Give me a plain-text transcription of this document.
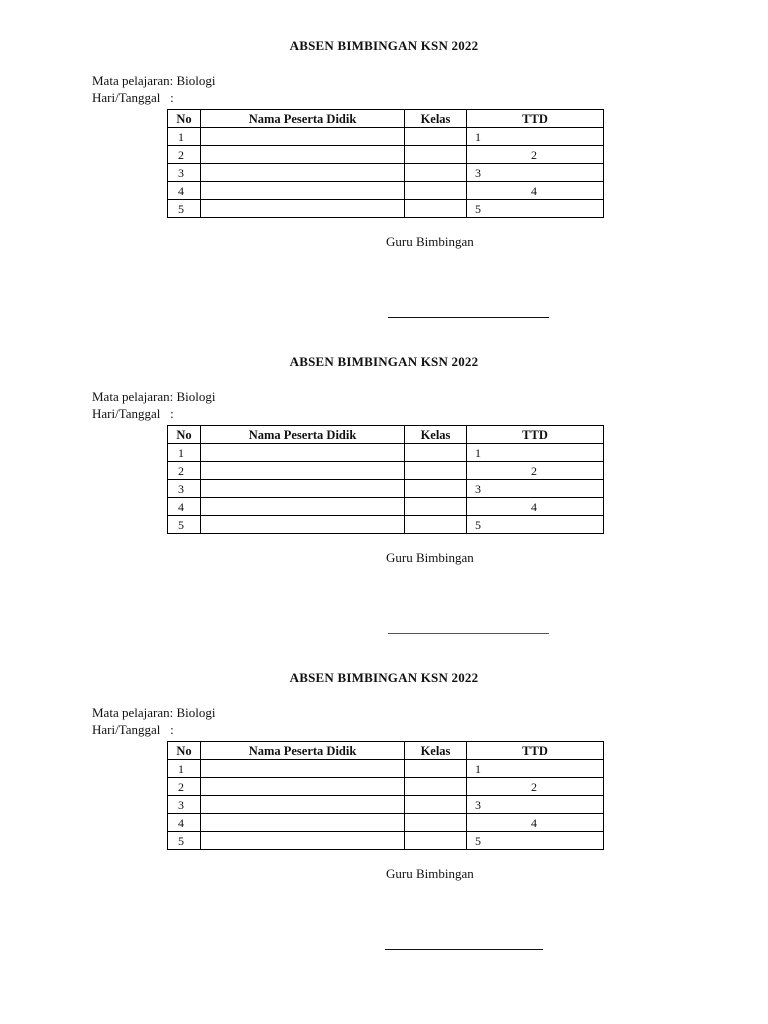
ABSEN BIMBINGAN KSN 2022
Mata pelajaran: Biologi
Hari/Tanggal   :
No	Nama Peserta Didik	Kelas	TTD
1			1
2			2
3			3
4			4
5			5
Guru Bimbingan
ABSEN BIMBINGAN KSN 2022
Mata pelajaran: Biologi
Hari/Tanggal   :
No	Nama Peserta Didik	Kelas	TTD
1			1
2			2
3			3
4			4
5			5
Guru Bimbingan
ABSEN BIMBINGAN KSN 2022
Mata pelajaran: Biologi
Hari/Tanggal   :
No	Nama Peserta Didik	Kelas	TTD
1			1
2			2
3			3
4			4
5			5
Guru Bimbingan
